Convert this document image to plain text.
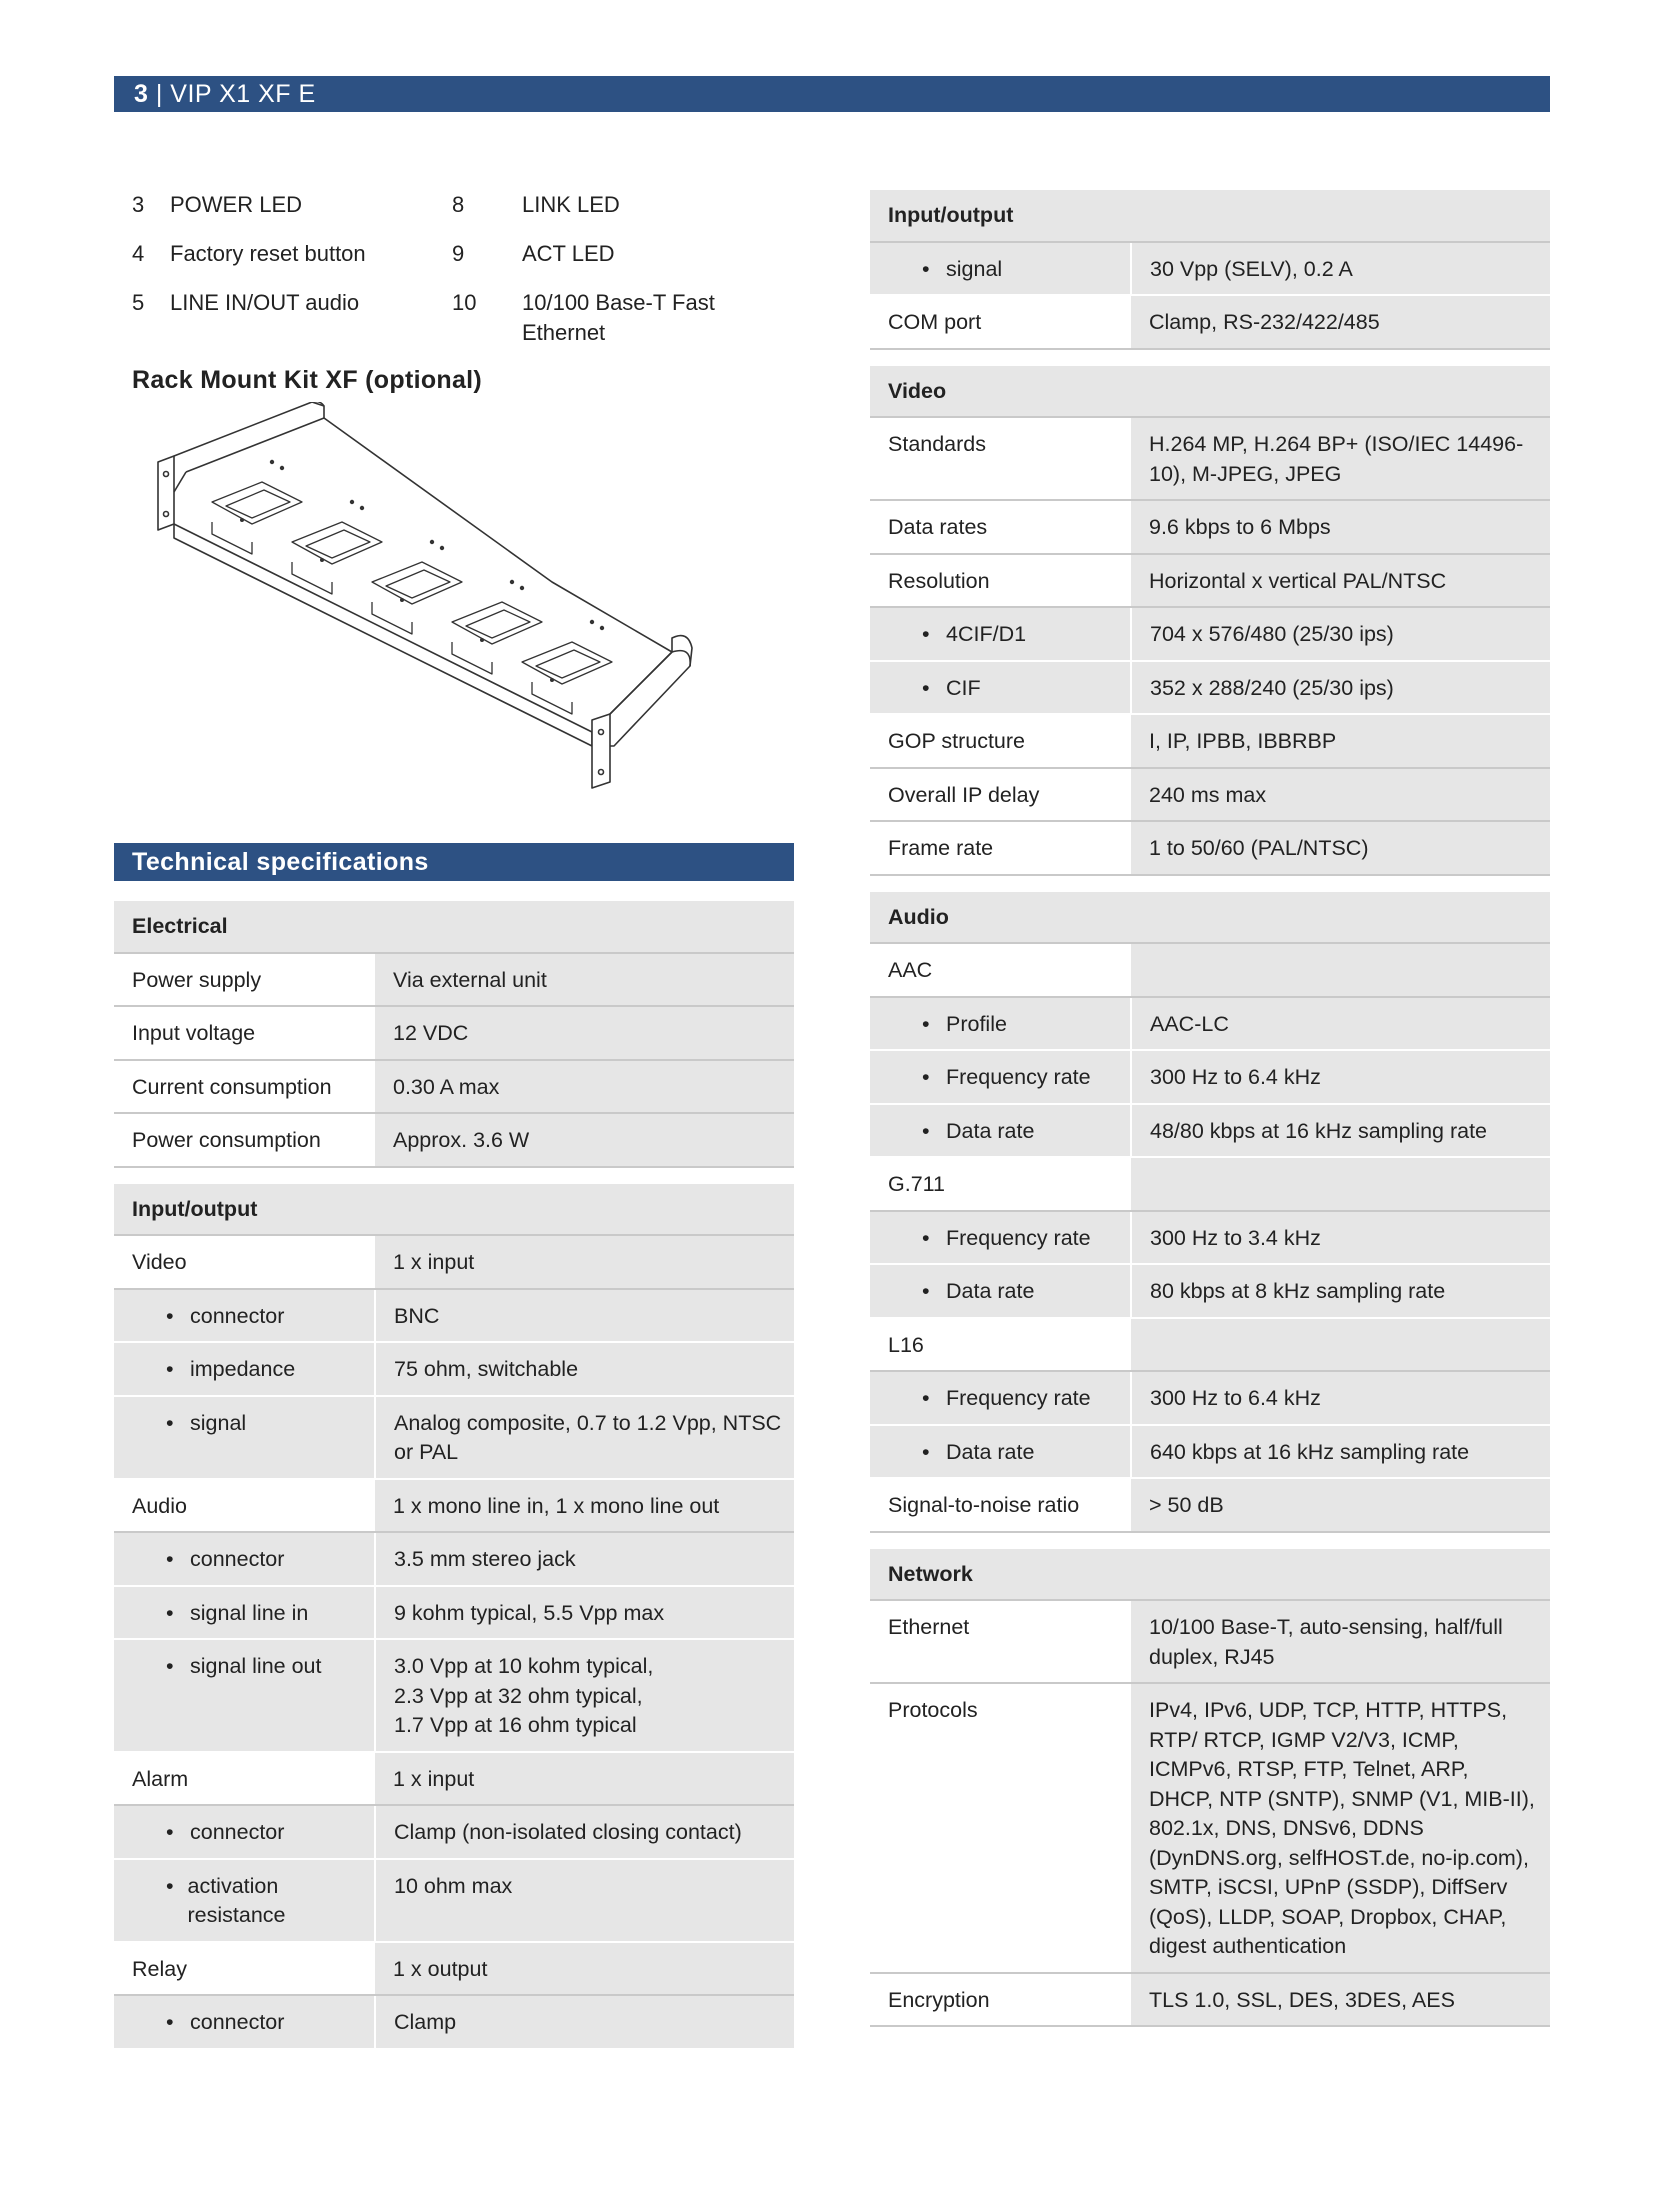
3 | VIP X1 XF E
3	POWER LED
4	Factory reset button
5	LINE IN/OUT audio
8	LINK LED
9	ACT LED
10	10/100 Base-T Fast Ethernet
Rack Mount Kit XF (optional)
Technical specifications
Electrical	
Power supply	Via external unit
Input voltage	12 VDC
Current consumption	0.30 A max
Power consumption	Approx. 3.6 W

Input/output	
Video	1 x input

• connector	BNC

• impedance	75 ohm, switchable

• signal	Analog composite, 0.7 to 1.2 Vpp, NTSC or PAL
Audio	1 x mono line in, 1 x mono line out

• connector	3.5 mm stereo jack

• signal line in	9 kohm typical, 5.5 Vpp max

• signal line out	3.0 Vpp at 10 kohm typical,
2.3 Vpp at 32 ohm typical,
1.7 Vpp at 16 ohm typical
Alarm	1 x input

• connector	Clamp (non-isolated closing contact)

• activation resistance	10 ohm max
Relay	1 x output

• connector	Clamp
Input/output	

• signal	30 Vpp (SELV), 0.2 A
COM port	Clamp, RS-232/422/485

Video	
Standards	H.264 MP, H.264 BP+ (ISO/IEC 14496-10), M-JPEG, JPEG
Data rates	9.6 kbps to 6 Mbps
Resolution	Horizontal x vertical PAL/NTSC

• 4CIF/D1	704 x 576/480 (25/30 ips)

• CIF	352 x 288/240 (25/30 ips)
GOP structure	I, IP, IPBB, IBBRBP
Overall IP delay	240 ms max
Frame rate	1 to 50/60 (PAL/NTSC)

Audio	
AAC	

• Profile	AAC-LC

• Frequency rate	300 Hz to 6.4 kHz

• Data rate	48/80 kbps at 16 kHz sampling rate
G.711	

• Frequency rate	300 Hz to 3.4 kHz

• Data rate	80 kbps at 8 kHz sampling rate
L16	

• Frequency rate	300 Hz to 6.4 kHz

• Data rate	640 kbps at 16 kHz sampling rate
Signal-to-noise ratio	> 50 dB

Network	
Ethernet	10/100 Base-T, auto-sensing, half/full duplex, RJ45
Protocols	IPv4, IPv6, UDP, TCP, HTTP, HTTPS, RTP/ RTCP, IGMP V2/V3, ICMP, ICMPv6, RTSP, FTP, Telnet, ARP, DHCP, NTP (SNTP), SNMP (V1, MIB-II), 802.1x, DNS, DNSv6, DDNS (DynDNS.org, selfHOST.de, no-ip.com), SMTP, iSCSI, UPnP (SSDP), DiffServ (QoS), LLDP, SOAP, Dropbox, CHAP, digest authentication
Encryption	TLS 1.0, SSL, DES, 3DES, AES
